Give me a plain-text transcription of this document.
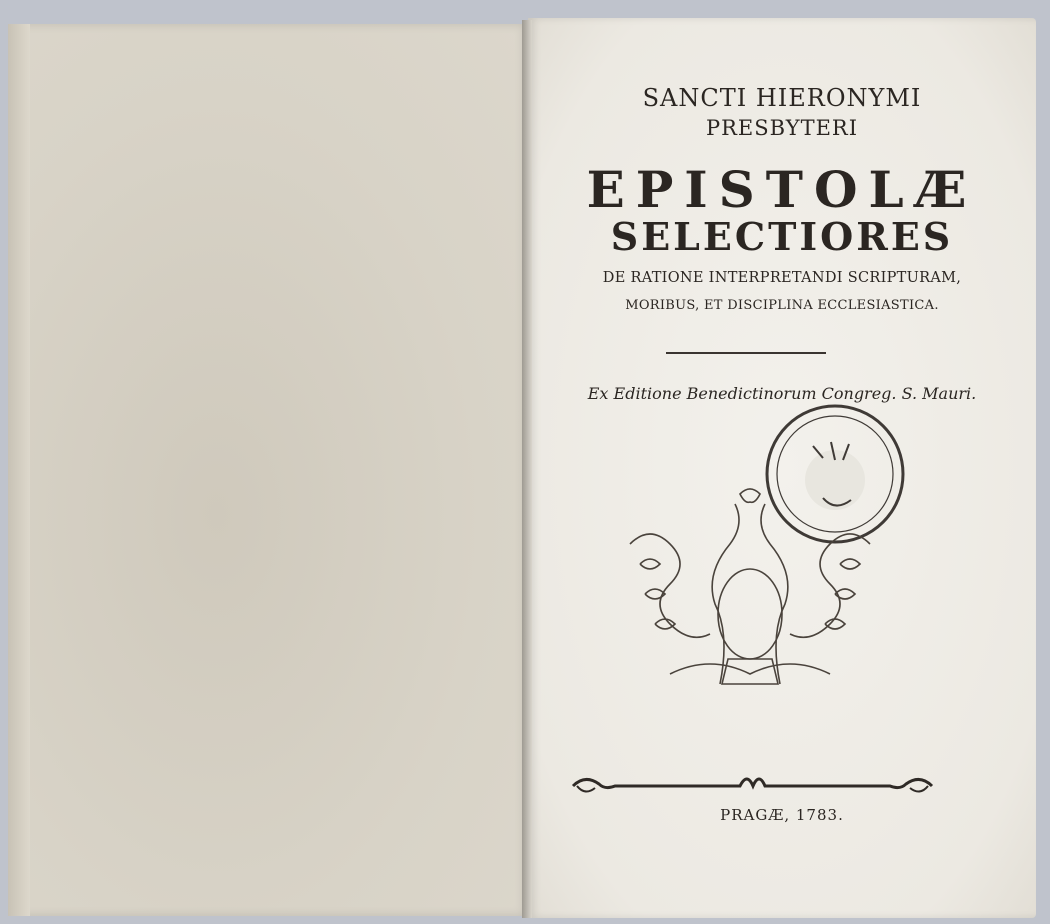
SANCTI HIERONYMI
PRESBYTERI
EPISTOLÆ
SELECTIORES
DE RATIONE INTERPRETANDI SCRIPTURAM,
MORIBUS, ET DISCIPLINA ECCLESIASTICA.
Ex Editione Benedictinorum Congreg. S. Mauri.
PRAGÆ, 1783.
